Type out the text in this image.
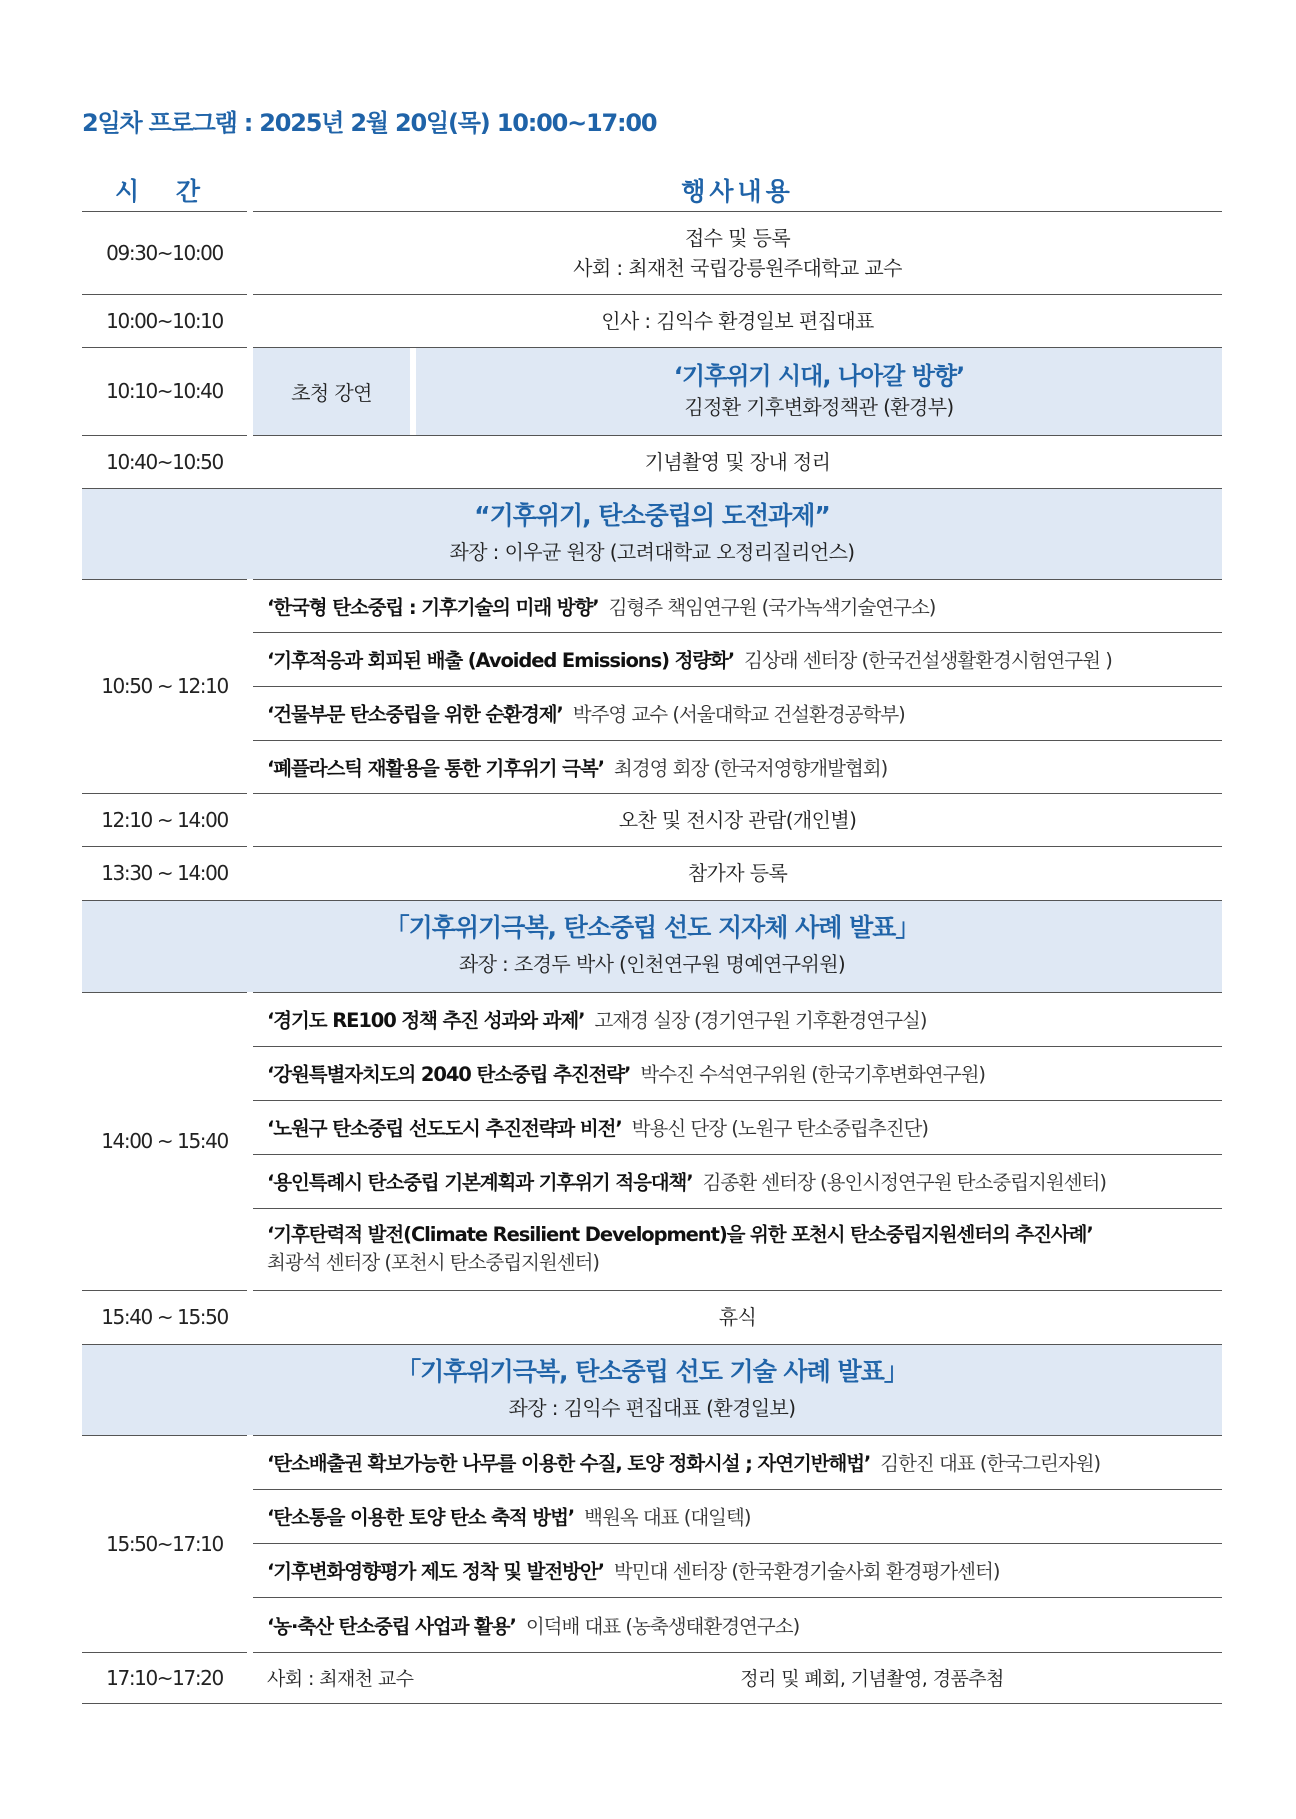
2일차 프로그램 : 2025년 2월 20일(목) 10:00~17:00
시 간	행사내용
09:30~10:00
접수 및 등록
사회 : 최재천 국립강릉원주대학교 교수
10:00~10:10	인사 : 김익수 환경일보 편집대표
10:10~10:40	초청 강연
‘기후위기 시대, 나아갈 방향’
김정환 기후변화정책관 (환경부)
10:40~10:50	기념촬영 및 장내 정리
“기후위기, 탄소중립의 도전과제”
좌장 : 이우균 원장 (고려대학교 오정리질리언스)
10:50 ~ 12:10
‘한국형 탄소중립 : 기후기술의 미래 방향’ 김형주 책임연구원 (국가녹색기술연구소)
‘기후적응과 회피된 배출 (Avoided Emissions) 정량화’ 김상래 센터장 (한국건설생활환경시험연구원 )
‘건물부문 탄소중립을 위한 순환경제’ 박주영 교수 (서울대학교 건설환경공학부)
‘폐플라스틱 재활용을 통한 기후위기 극복’ 최경영 회장 (한국저영향개발협회)
12:10 ~ 14:00	오찬 및 전시장 관람(개인별)
13:30 ~ 14:00	참가자 등록
「기후위기극복, 탄소중립 선도 지자체 사례 발표」
좌장 : 조경두 박사 (인천연구원 명예연구위원)
14:00 ~ 15:40
‘경기도 RE100 정책 추진 성과와 과제’ 고재경 실장 (경기연구원 기후환경연구실)
‘강원특별자치도의 2040 탄소중립 추진전략’ 박수진 수석연구위원 (한국기후변화연구원)
‘노원구 탄소중립 선도도시 추진전략과 비전’ 박용신 단장 (노원구 탄소중립추진단)
‘용인특례시 탄소중립 기본계획과 기후위기 적응대책’ 김종환 센터장 (용인시정연구원 탄소중립지원센터)
‘기후탄력적 발전(Climate Resilient Development)을 위한 포천시 탄소중립지원센터의 추진사례’
최광석 센터장 (포천시 탄소중립지원센터)
15:40 ~ 15:50	휴식
「기후위기극복, 탄소중립 선도 기술 사례 발표」
좌장 : 김익수 편집대표 (환경일보)
15:50~17:10
‘탄소배출권 확보가능한 나무를 이용한 수질, 토양 정화시설 ; 자연기반해법’ 김한진 대표 (한국그린자원)
‘탄소통을 이용한 토양 탄소 축적 방법’ 백원옥 대표 (대일텍)
‘기후변화영향평가 제도 정착 및 발전방안’ 박민대 센터장 (한국환경기술사회 환경평가센터)
‘농·축산 탄소중립 사업과 활용’ 이덕배 대표 (농축생태환경연구소)
17:10~17:20	사회 : 최재천 교수	정리 및 폐회, 기념촬영, 경품추첨
